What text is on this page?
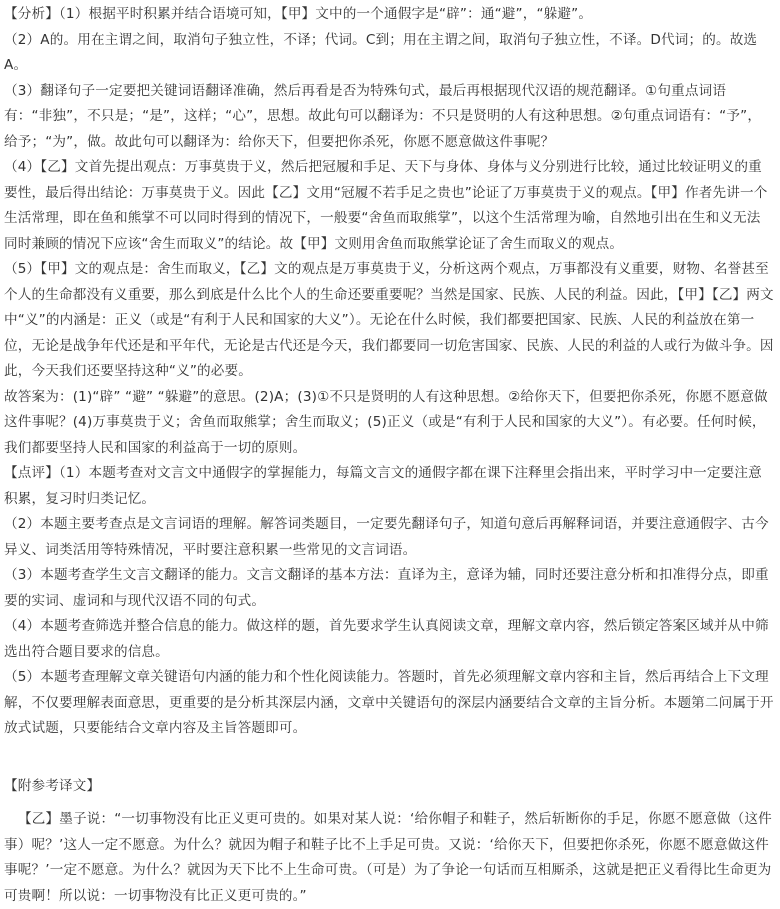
【分析】（1）根据平时积累并结合语境可知，【甲】文中的一个通假字是“辟”：通“避”，“躲避”。

（2）A的。用在主谓之间，取消句子独立性，不译；代词。C到；用在主谓之间，取消句子独立性，不译。D代词；的。故选A。

（3）翻译句子一定要把关键词语翻译准确，然后再看是否为特殊句式，最后再根据现代汉语的规范翻译。①句重点词语有：“非独”，不只是；“是”，这样；“心”，思想。故此句可以翻译为：不只是贤明的人有这种思想。②句重点词语有：“予”，给予；“为”，做。故此句可以翻译为：给你天下，但要把你杀死，你愿不愿意做这件事呢？

（4）【乙】文首先提出观点：万事莫贵于义，然后把冠履和手足、天下与身体、身体与义分别进行比较，通过比较证明义的重要性，最后得出结论：万事莫贵于义。因此【乙】文用“冠履不若手足之贵也”论证了万事莫贵于义的观点。【甲】作者先讲一个生活常理，即在鱼和熊掌不可以同时得到的情况下，一般要“舍鱼而取熊掌”，以这个生活常理为喻，自然地引出在生和义无法同时兼顾的情况下应该“舍生而取义”的结论。故【甲】文则用舍鱼而取熊掌论证了舍生而取义的观点。

（5）【甲】文的观点是：舍生而取义，【乙】文的观点是万事莫贵于义，分析这两个观点，万事都没有义重要，财物、名誉甚至个人的生命都没有义重要，那么到底是什么比个人的生命还要重要呢？当然是国家、民族、人民的利益。因此，【甲】【乙】两文中“义”的内涵是：正义（或是“有利于人民和国家的大义”）。无论在什么时候，我们都要把国家、民族、人民的利益放在第一位，无论是战争年代还是和平年代，无论是古代还是今天，我们都要同一切危害国家、民族、人民的利益的人或行为做斗争。因此，今天我们还要坚持这种“义”的必要。

故答案为：(1)“辟” “避” “躲避”的意思。(2)A；(3)①不只是贤明的人有这种思想。②给你天下，但要把你杀死，你愿不愿意做这件事呢？(4)万事莫贵于义；舍鱼而取熊掌；舍生而取义；(5)正义（或是“有利于人民和国家的大义”）。有必要。任何时候，我们都要坚持人民和国家的利益高于一切的原则。

【点评】（1）本题考查对文言文中通假字的掌握能力，每篇文言文的通假字都在课下注释里会指出来，平时学习中一定要注意积累，复习时归类记忆。

（2）本题主要考查点是文言词语的理解。解答词类题目，一定要先翻译句子，知道句意后再解释词语，并要注意通假字、古今异义、词类活用等特殊情况，平时要注意积累一些常见的文言词语。

（3）本题考查学生文言文翻译的能力。文言文翻译的基本方法：直译为主，意译为辅，同时还要注意分析和扣准得分点，即重要的实词、虚词和与现代汉语不同的句式。

（4）本题考查筛选并整合信息的能力。做这样的题，首先要求学生认真阅读文章，理解文章内容，然后锁定答案区域并从中筛选出符合题目要求的信息。

（5）本题考查理解文章关键语句内涵的能力和个性化阅读能力。答题时，首先必须理解文章内容和主旨，然后再结合上下文理解，不仅要理解表面意思，更重要的是分析其深层内涵，文章中关键语句的深层内涵要结合文章的主旨分析。本题第二问属于开放式试题，只要能结合文章内容及主旨答题即可。

【附参考译文】

【乙】墨子说：“一切事物没有比正义更可贵的。如果对某人说：‘给你帽子和鞋子，然后斩断你的手足，你愿不愿意做（这件事）呢？’这人一定不愿意。为什么？就因为帽子和鞋子比不上手足可贵。又说：‘给你天下，但要把你杀死，你愿不愿意做这件事呢？’一定不愿意。为什么？就因为天下比不上生命可贵。（可是）为了争论一句话而互相厮杀，这就是把正义看得比生命更为可贵啊！所以说：一切事物没有比正义更可贵的。”
